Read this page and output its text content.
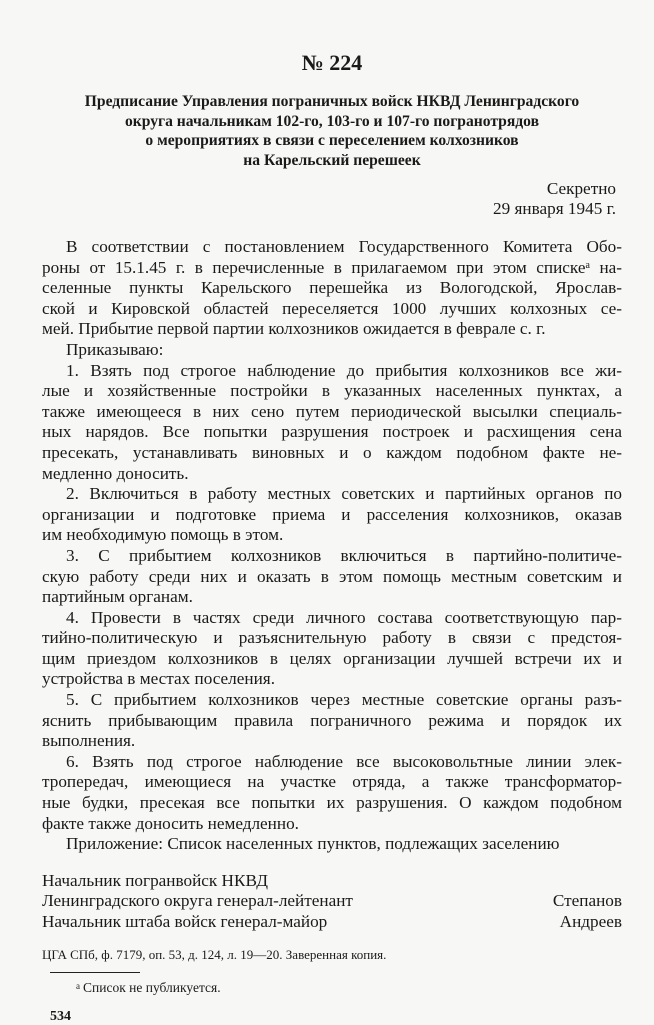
№ 224
Предписание Управления пограничных войск НКВД Ленинградского
округа начальникам 102-го, 103-го и 107-го погранотрядов
о мероприятиях в связи с переселением колхозников
на Карельский перешеек
Секретно
29 января 1945 г.
В соответствии с постановлением Государственного Комитета Обо-
роны от 15.1.45 г. в перечисленные в прилагаемом при этом списке$^а$ на-
селенные пункты Карельского перешейка из Вологодской, Ярослав-
ской и Кировской областей переселяется 1000 лучших колхозных се-
мей. Прибытие первой партии колхозников ожидается в феврале с. г.
Приказываю:
1. Взять под строгое наблюдение до прибытия колхозников все жи-
лые и хозяйственные постройки в указанных населенных пунктах, а
также имеющееся в них сено путем периодической высылки специаль-
ных нарядов. Все попытки разрушения построек и расхищения сена
пресекать, устанавливать виновных и о каждом подобном факте не-
медленно доносить.
2. Включиться в работу местных советских и партийных органов по
организации и подготовке приема и расселения колхозников, оказав
им необходимую помощь в этом.
3. С прибытием колхозников включиться в партийно-политиче-
скую работу среди них и оказать в этом помощь местным советским и
партийным органам.
4. Провести в частях среди личного состава соответствующую пар-
тийно-политическую и разъяснительную работу в связи с предстоя-
щим приездом колхозников в целях организации лучшей встречи их и
устройства в местах поселения.
5. С прибытием колхозников через местные советские органы разъ-
яснить прибывающим правила пограничного режима и порядок их
выполнения.
6. Взять под строгое наблюдение все высоковольтные линии элек-
тропередач, имеющиеся на участке отряда, а также трансформатор-
ные будки, пресекая все попытки их разрушения. О каждом подобном
факте также доносить немедленно.
Приложение: Список населенных пунктов, подлежащих заселению
Начальник погранвойск НКВД
Ленинградского округа генерал-лейтенант	Степанов
Начальник штаба войск генерал-майор	Андреев
ЦГА СПб, ф. 7179, оп. 53, д. 124, л. 19—20. Заверенная копия.
$^а$ Список не публикуется.
534
